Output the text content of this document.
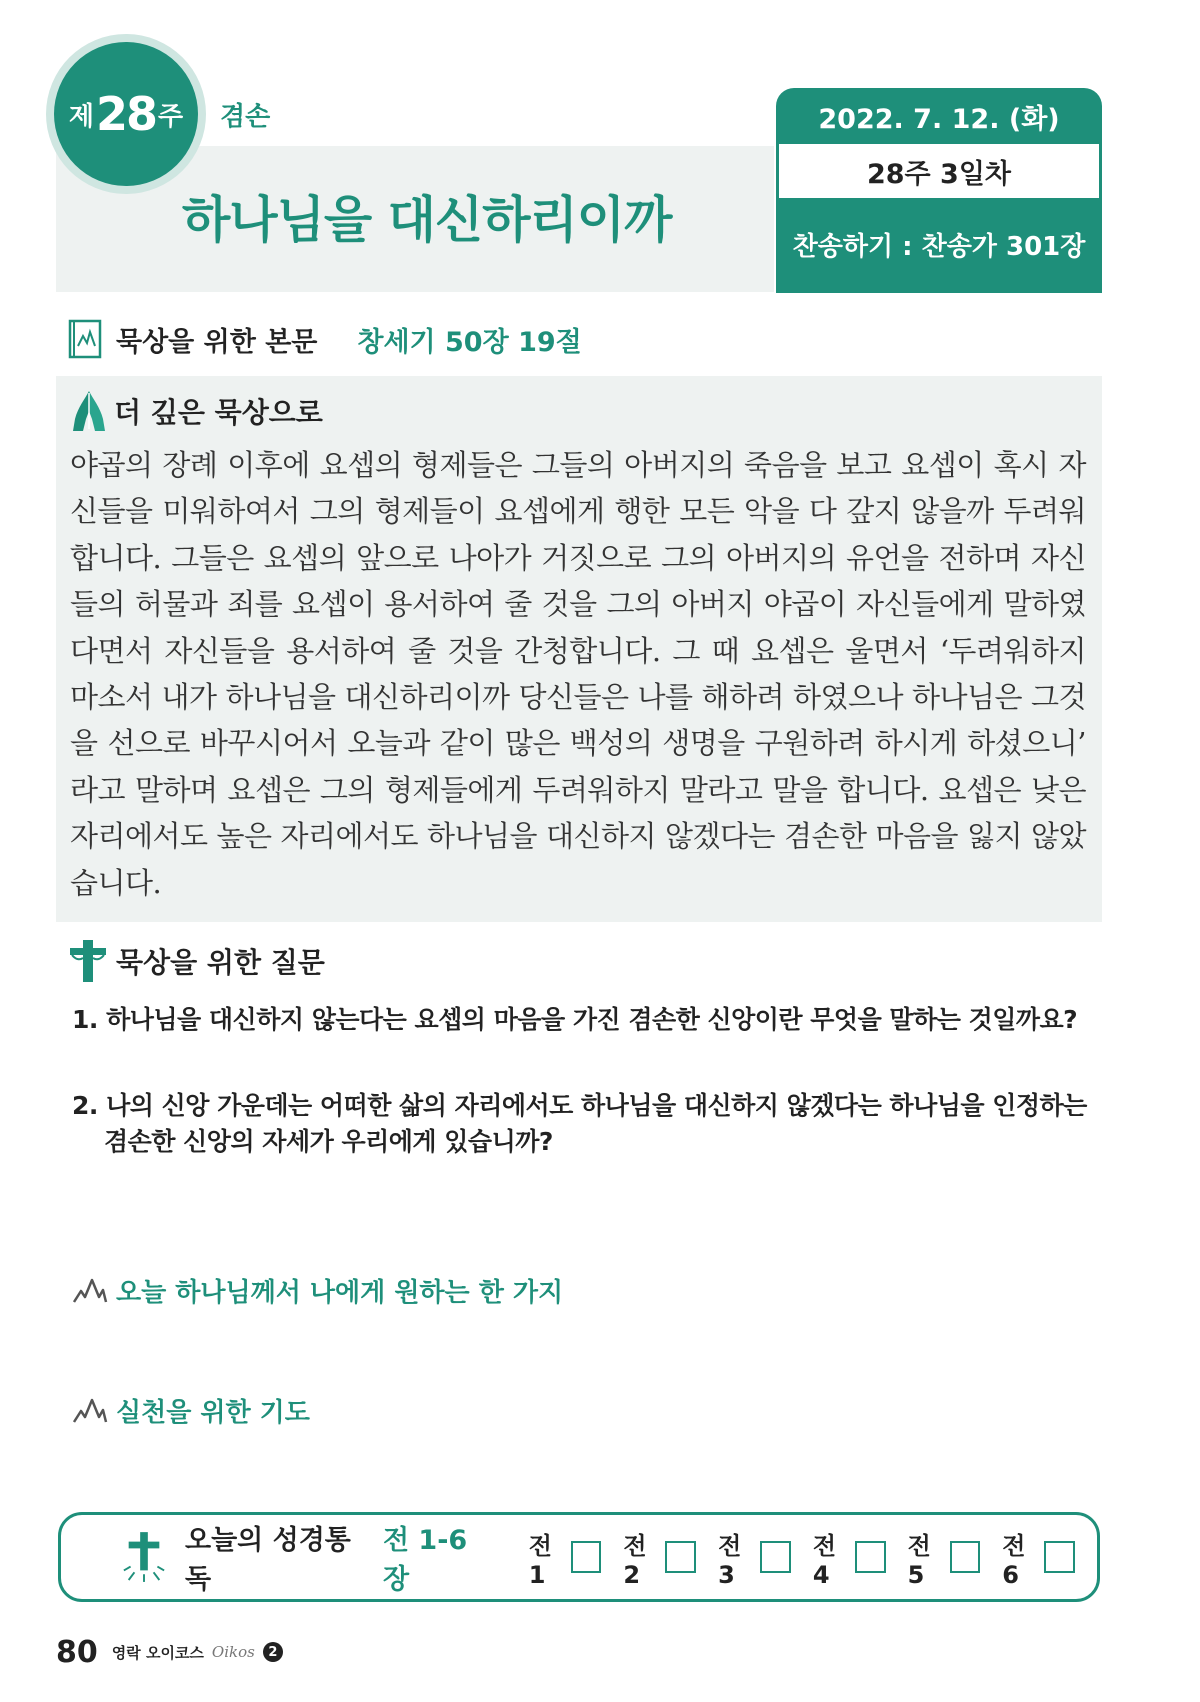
제 28 주 겸손
하나님을 대신하리이까
2022. 7. 12. (화)
28주 3일차
찬송하기 : 찬송가 301장
묵상을 위한 본문 창세기 50장 19절
더 깊은 묵상으로
야곱의 장례 이후에 요셉의 형제들은 그들의 아버지의 죽음을 보고 요셉이 혹시 자신들을 미워하여서 그의 형제들이 요셉에게 행한 모든 악을 다 갚지 않을까 두려워합니다. 그들은 요셉의 앞으로 나아가 거짓으로 그의 아버지의 유언을 전하며 자신들의 허물과 죄를 요셉이 용서하여 줄 것을 그의 아버지 야곱이 자신들에게 말하였다면서 자신들을 용서하여 줄 것을 간청합니다. 그 때 요셉은 울면서 ‘두려워하지 마소서 내가 하나님을 대신하리이까 당신들은 나를 해하려 하였으나 하나님은 그것을 선으로 바꾸시어서 오늘과 같이 많은 백성의 생명을 구원하려 하시게 하셨으니’ 라고 말하며 요셉은 그의 형제들에게 두려워하지 말라고 말을 합니다. 요셉은 낮은 자리에서도 높은 자리에서도 하나님을 대신하지 않겠다는 겸손한 마음을 잃지 않았습니다.
묵상을 위한 질문
1. 하나님을 대신하지 않는다는 요셉의 마음을 가진 겸손한 신앙이란 무엇을 말하는 것일까요?
2. 나의 신앙 가운데는 어떠한 삶의 자리에서도 하나님을 대신하지 않겠다는 하나님을 인정하는 겸손한 신앙의 자세가 우리에게 있습니까?
오늘 하나님께서 나에게 원하는 한 가지
실천을 위한 기도
오늘의 성경통독
전 1-6장
전1
전2
전3
전4
전5
전6
80 영락 오이코스 Oikos	2
